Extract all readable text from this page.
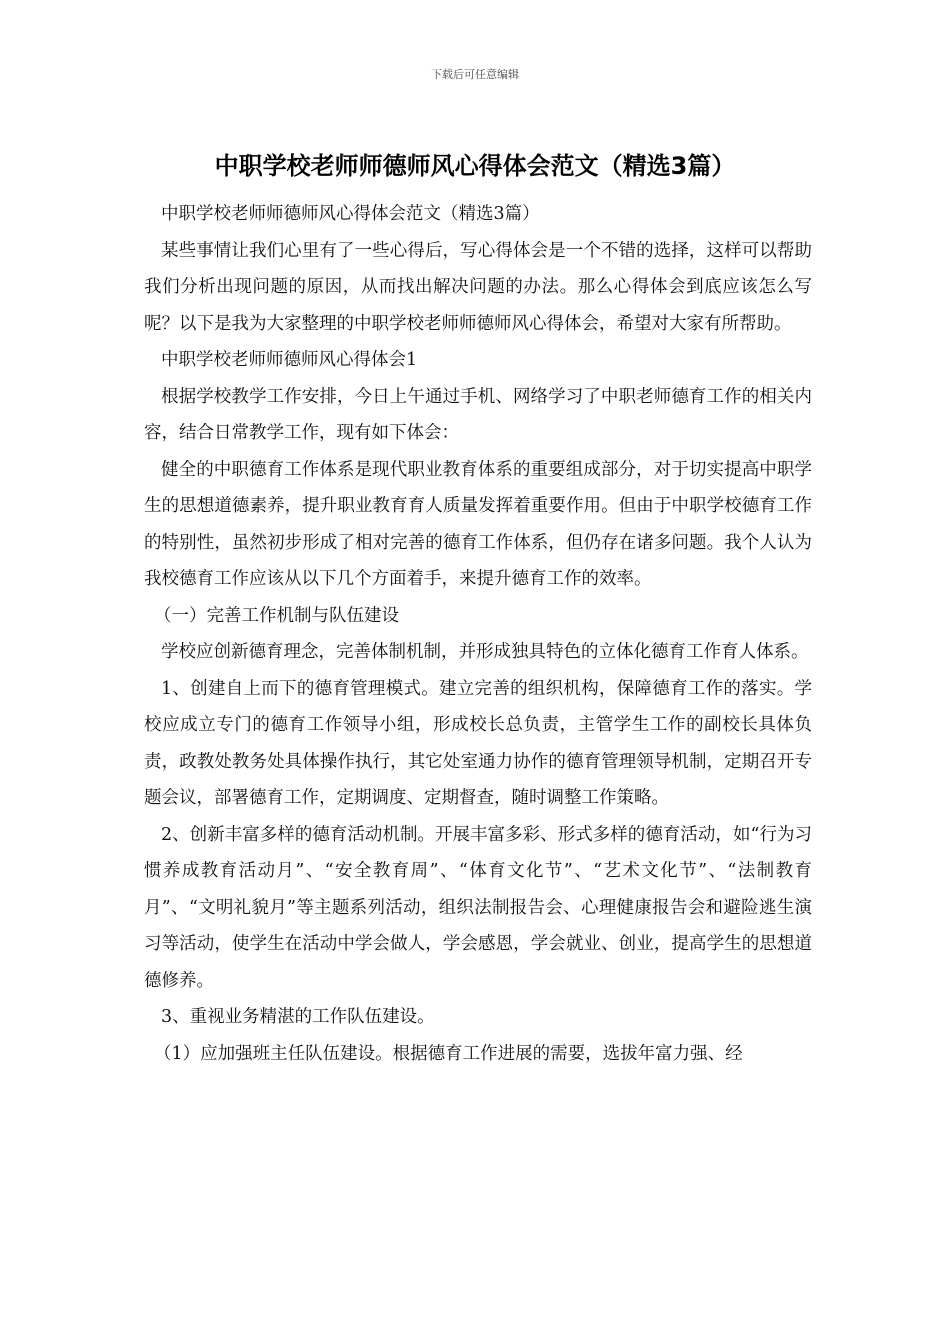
下载后可任意编辑
中职学校老师师德师风心得体会范文（精选3篇）

中职学校老师师德师风心得体会范文（精选3篇）

某些事情让我们心里有了一些心得后，写心得体会是一个不错的选择，这样可以帮助我们分析出现问题的原因，从而找出解决问题的办法。那么心得体会到底应该怎么写呢？以下是我为大家整理的中职学校老师师德师风心得体会，希望对大家有所帮助。

中职学校老师师德师风心得体会1

根据学校教学工作安排，今日上午通过手机、网络学习了中职老师德育工作的相关内容，结合日常教学工作，现有如下体会：

健全的中职德育工作体系是现代职业教育体系的重要组成部分，对于切实提高中职学生的思想道德素养，提升职业教育育人质量发挥着重要作用。但由于中职学校德育工作的特别性，虽然初步形成了相对完善的德育工作体系，但仍存在诸多问题。我个人认为我校德育工作应该从以下几个方面着手，来提升德育工作的效率。

（一）完善工作机制与队伍建设

学校应创新德育理念，完善体制机制，并形成独具特色的立体化德育工作育人体系。

1、创建自上而下的德育管理模式。建立完善的组织机构，保障德育工作的落实。学校应成立专门的德育工作领导小组，形成校长总负责，主管学生工作的副校长具体负责，政教处教务处具体操作执行，其它处室通力协作的德育管理领导机制，定期召开专题会议，部署德育工作，定期调度、定期督查，随时调整工作策略。

2、创新丰富多样的德育活动机制。开展丰富多彩、形式多样的德育活动，如“行为习惯养成教育活动月”、“安全教育周”、“体育文化节”、“艺术文化节”、“法制教育月”、“文明礼貌月”等主题系列活动，组织法制报告会、心理健康报告会和避险逃生演习等活动，使学生在活动中学会做人，学会感恩，学会就业、创业，提高学生的思想道德修养。

3、重视业务精湛的工作队伍建设。

（1）应加强班主任队伍建设。根据德育工作进展的需要，选拔年富力强、经
